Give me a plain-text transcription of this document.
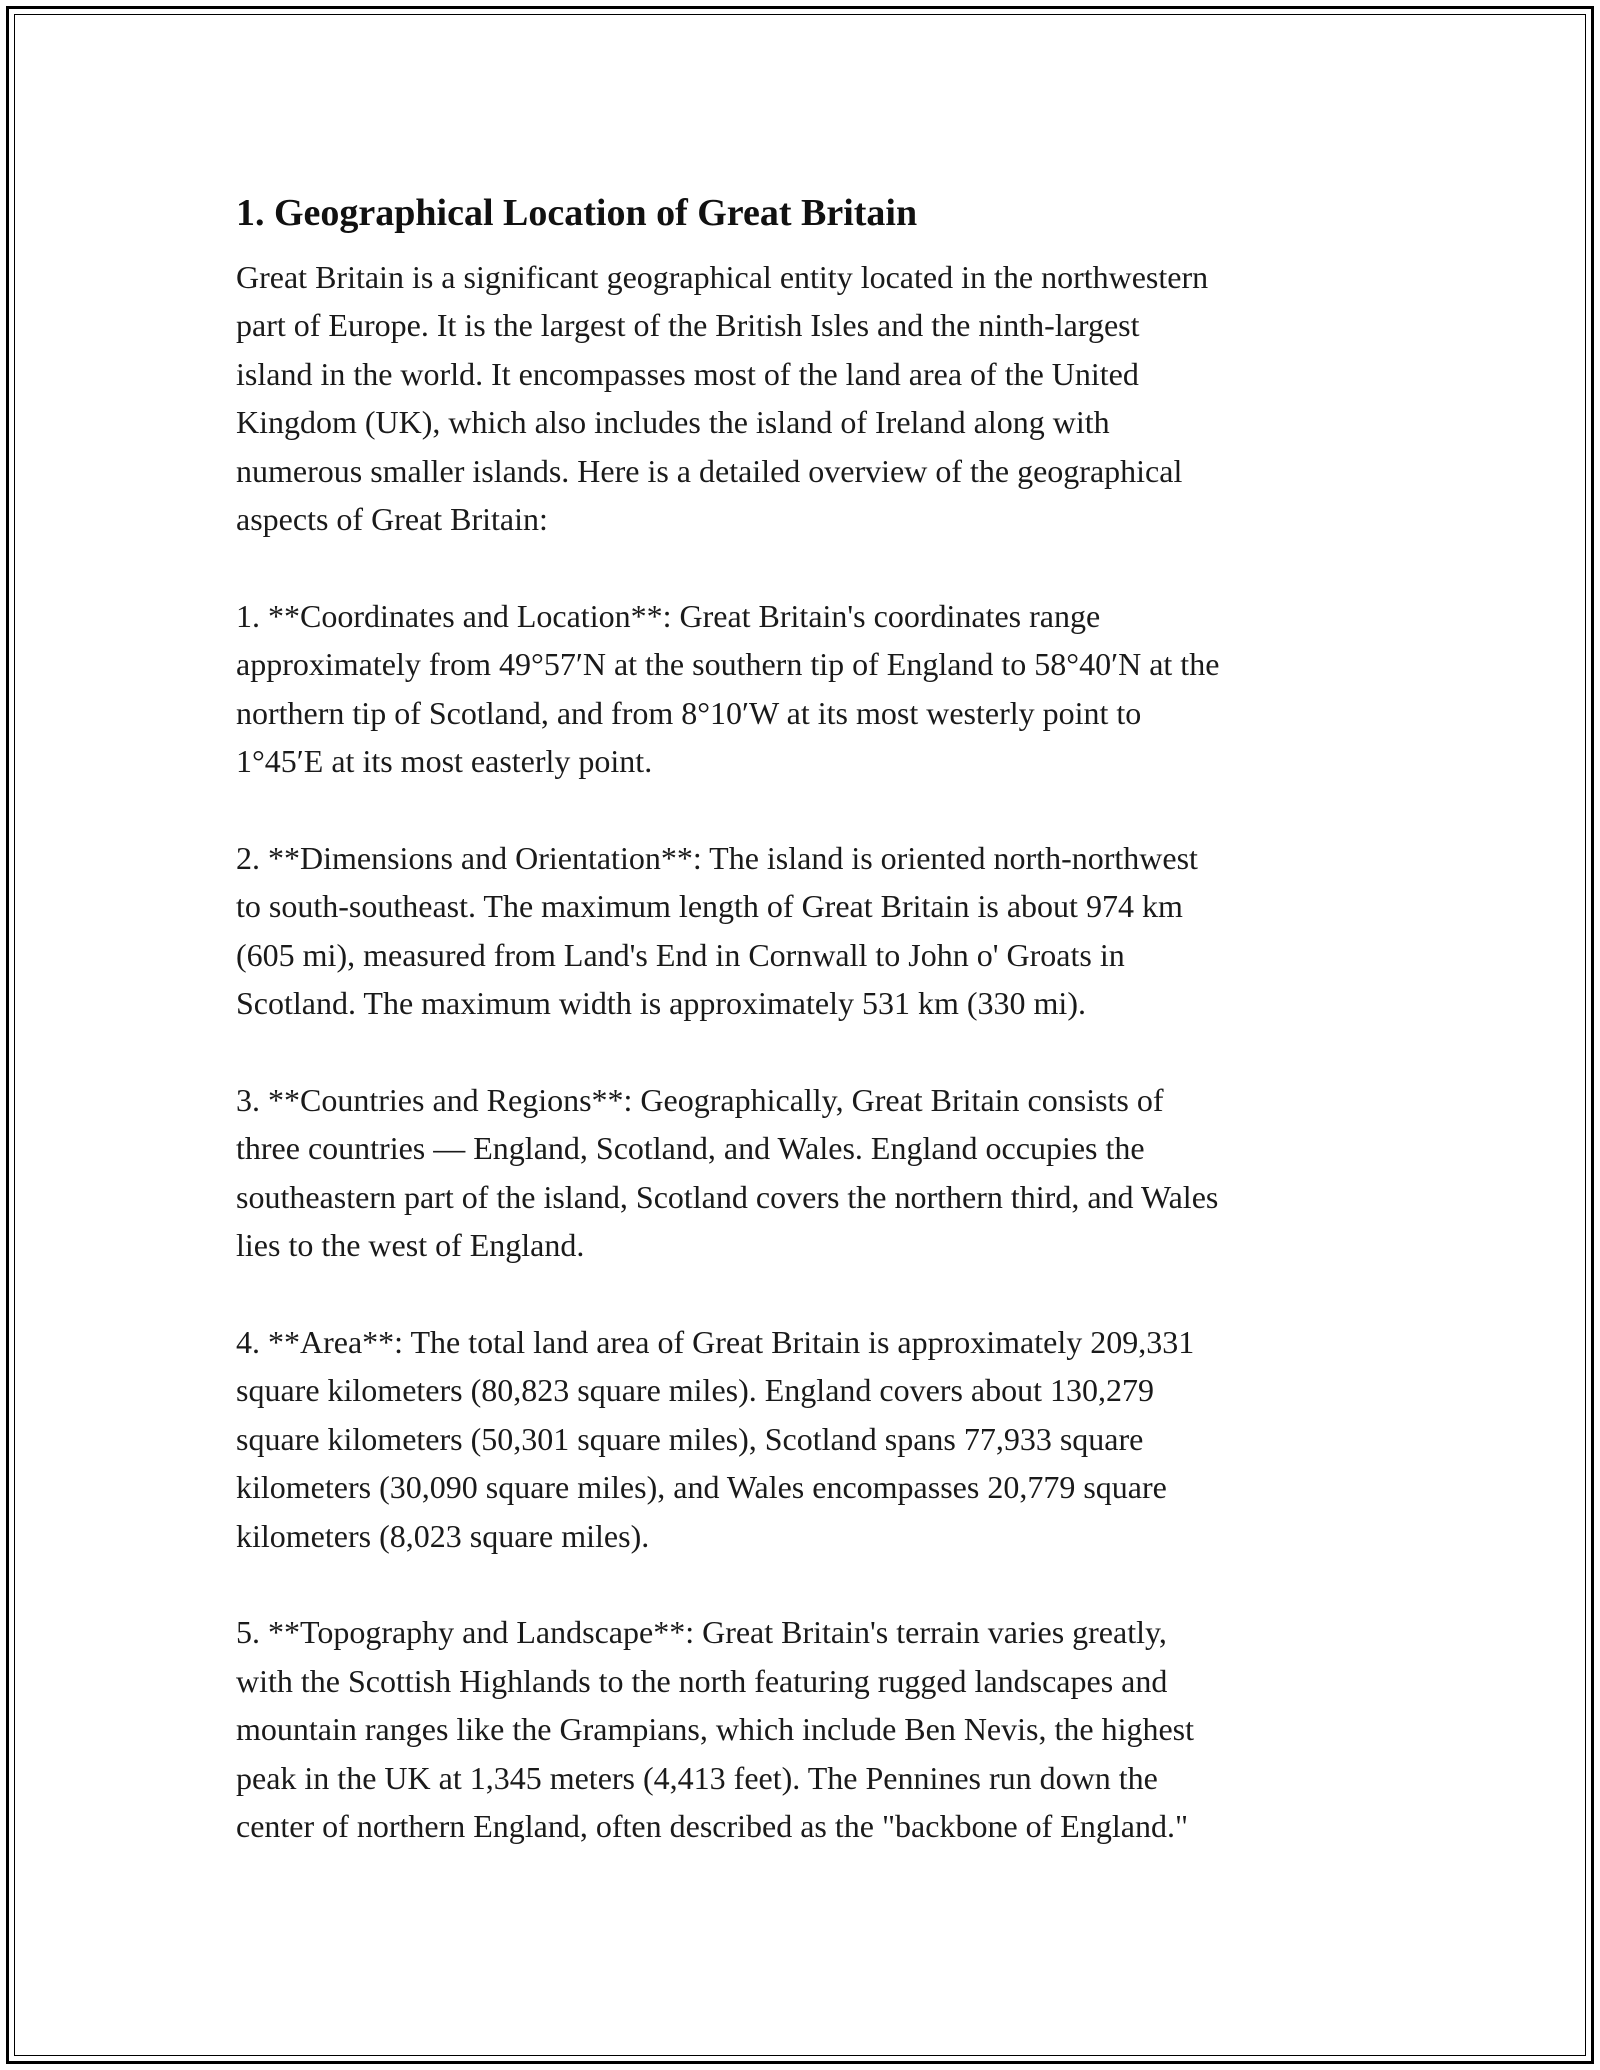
1. Geographical Location of Great Britain

Great Britain is a significant geographical entity located in the northwestern
part of Europe. It is the largest of the British Isles and the ninth-largest
island in the world. It encompasses most of the land area of the United
Kingdom (UK), which also includes the island of Ireland along with
numerous smaller islands. Here is a detailed overview of the geographical
aspects of Great Britain:

1. **Coordinates and Location**: Great Britain's coordinates range
approximately from 49°57′N at the southern tip of England to 58°40′N at the
northern tip of Scotland, and from 8°10′W at its most westerly point to
1°45′E at its most easterly point.

2. **Dimensions and Orientation**: The island is oriented north-northwest
to south-southeast. The maximum length of Great Britain is about 974 km
(605 mi), measured from Land's End in Cornwall to John o' Groats in
Scotland. The maximum width is approximately 531 km (330 mi).

3. **Countries and Regions**: Geographically, Great Britain consists of
three countries — England, Scotland, and Wales. England occupies the
southeastern part of the island, Scotland covers the northern third, and Wales
lies to the west of England.

4. **Area**: The total land area of Great Britain is approximately 209,331
square kilometers (80,823 square miles). England covers about 130,279
square kilometers (50,301 square miles), Scotland spans 77,933 square
kilometers (30,090 square miles), and Wales encompasses 20,779 square
kilometers (8,023 square miles).

5. **Topography and Landscape**: Great Britain's terrain varies greatly,
with the Scottish Highlands to the north featuring rugged landscapes and
mountain ranges like the Grampians, which include Ben Nevis, the highest
peak in the UK at 1,345 meters (4,413 feet). The Pennines run down the
center of northern England, often described as the "backbone of England."
